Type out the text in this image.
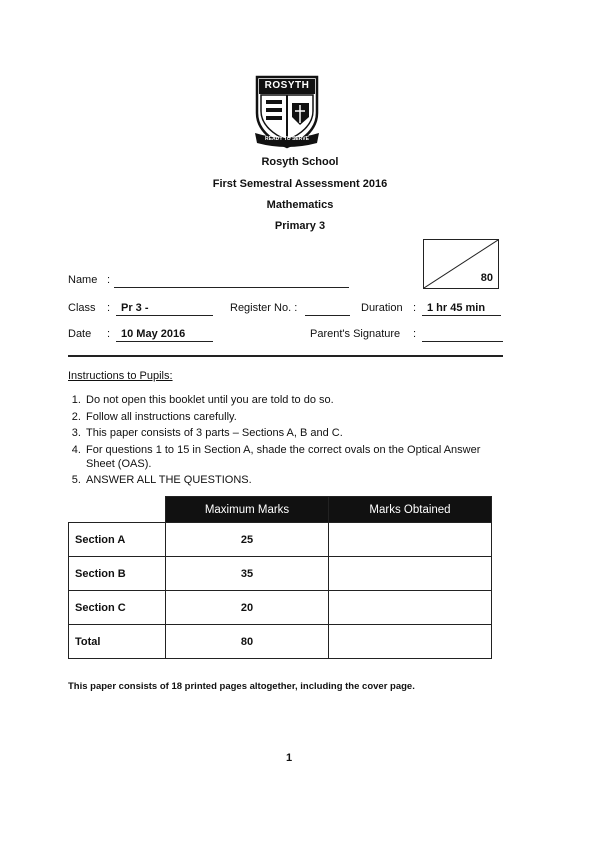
ROSYTH
READY TO SERVE
Rosyth School
First Semestral Assessment 2016
Mathematics
Primary 3
80
Name :
Class : Pr 3 -	Register No. :	Duration : 1 hr 45 min
Date : 10 May 2016	Parent's Signature :
Instructions to Pupils:
1. Do not open this booklet until you are told to do so.
2. Follow all instructions carefully.
3. This paper consists of 3 parts – Sections A, B and C.
4. For questions 1 to 15 in Section A, shade the correct ovals on the Optical Answer Sheet (OAS).
5. ANSWER ALL THE QUESTIONS.
	Maximum Marks	Marks Obtained
Section A	25	
Section B	35	
Section C	20	
Total	80	
This paper consists of 18 printed pages altogether, including the cover page.
1
